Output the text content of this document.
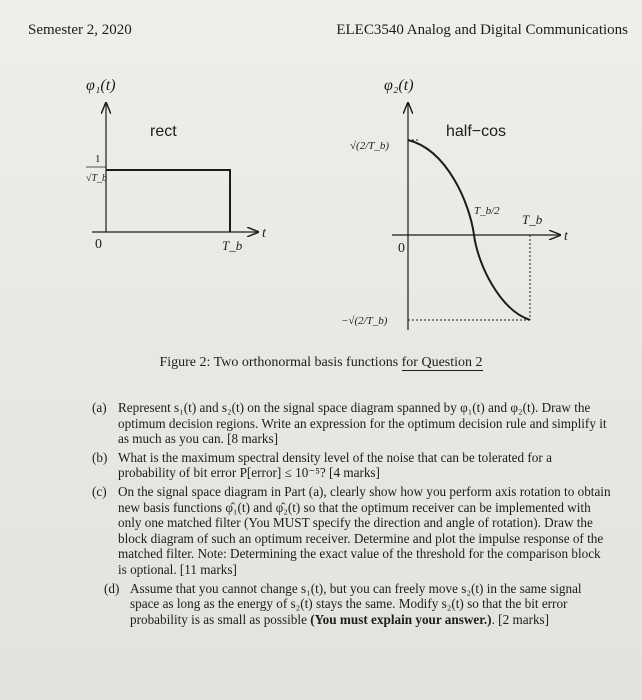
Semester 2, 2020	ELEC3540 Analog and Digital Communications
φ₁(t)
rect
1
√T_b
0	T_b
t
φ₂(t)
half−cos
√(2/T_b)
−√(2/T_b)
0
T_b/2
T_b
t
Figure 2: Two orthonormal basis functions for Question 2
(a) Represent s₁(t) and s₂(t) on the signal space diagram spanned by φ₁(t) and φ₂(t). Draw the optimum decision regions. Write an expression for the optimum decision rule and simplify it as much as you can. [8 marks]
(b) What is the maximum spectral density level of the noise that can be tolerated for a probability of bit error P[error] ≤ 10⁻⁵? [4 marks]
(c) On the signal space diagram in Part (a), clearly show how you perform axis rotation to obtain new basis functions φ̂₁(t) and φ̂₂(t) so that the optimum receiver can be implemented with only one matched filter (You MUST specify the direction and angle of rotation). Draw the block diagram of such an optimum receiver. Determine and plot the impulse response of the matched filter. Note: Determining the exact value of the threshold for the comparison block is optional. [11 marks]
(d) Assume that you cannot change s₁(t), but you can freely move s₂(t) in the same signal space as long as the energy of s₂(t) stays the same. Modify s₂(t) so that the bit error probability is as small as possible (You must explain your answer.). [2 marks]
